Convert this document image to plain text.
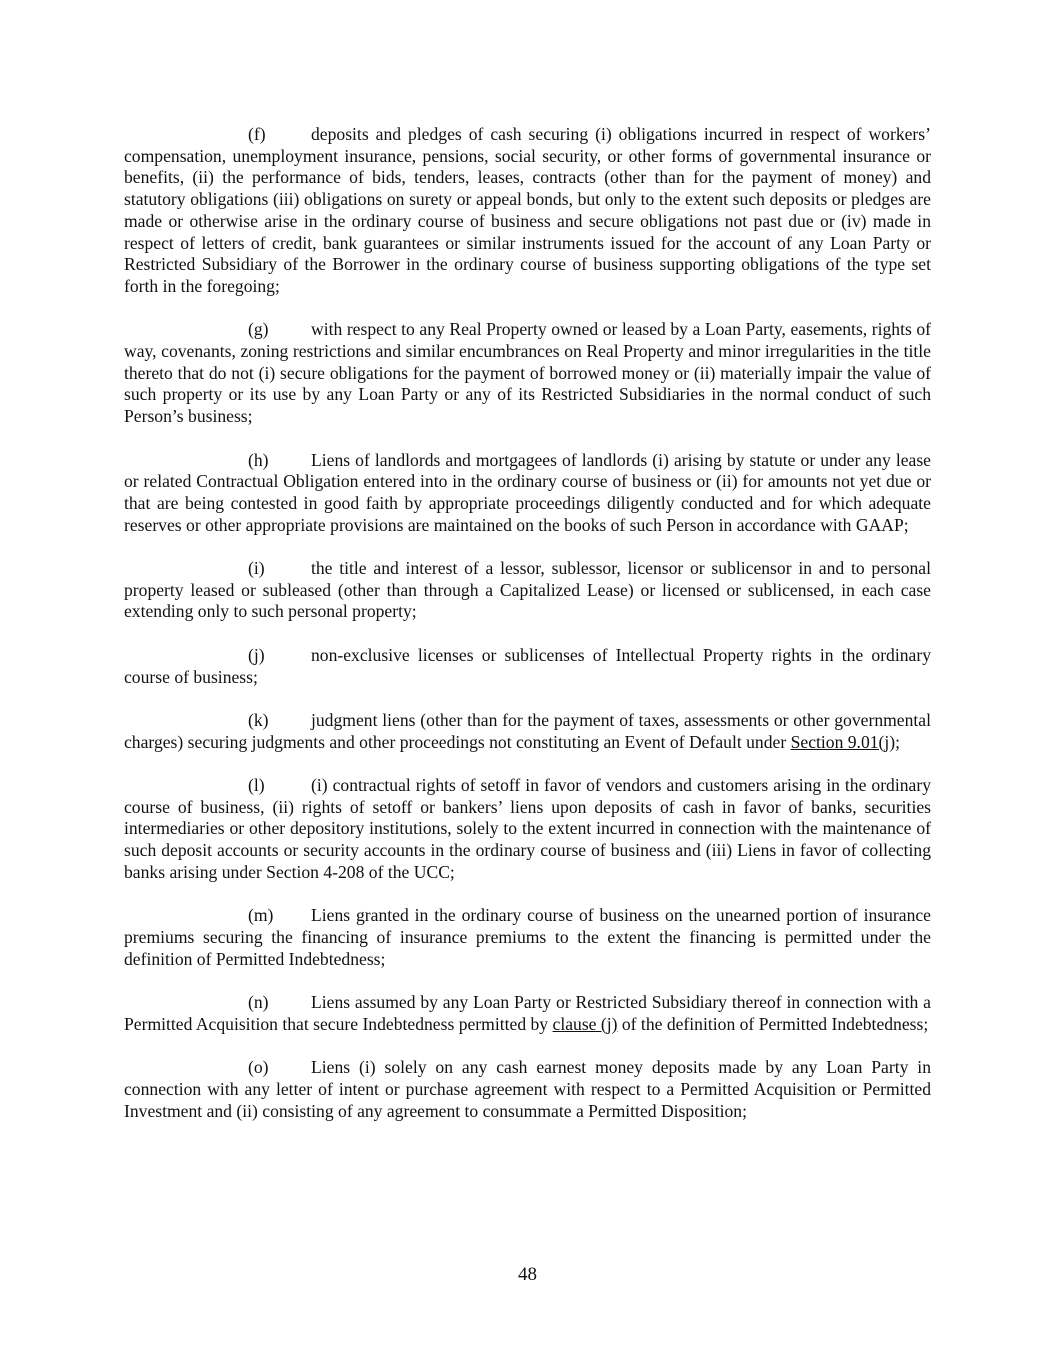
(f)	deposits and pledges of cash securing (i) obligations incurred in respect of workers’ compensation, unemployment insurance, pensions, social security, or other forms of governmental insurance or benefits, (ii) the performance of bids, tenders, leases, contracts (other than for the payment of money) and statutory obligations (iii) obligations on surety or appeal bonds, but only to the extent such deposits or pledges are made or otherwise arise in the ordinary course of business and secure obligations not past due or (iv) made in respect of letters of credit, bank guarantees or similar instruments issued for the account of any Loan Party or Restricted Subsidiary of the Borrower in the ordinary course of business supporting obligations of the type set forth in the foregoing;

(g) with respect to any Real Property owned or leased by a Loan Party, easements, rights of way, covenants, zoning restrictions and similar encumbrances on Real Property and minor irregularities in the title thereto that do not (i) secure obligations for the payment of borrowed money or (ii) materially impair the value of such property or its use by any Loan Party or any of its Restricted Subsidiaries in the normal conduct of such Person’s business;

(h) Liens of landlords and mortgagees of landlords (i) arising by statute or under any lease or related Contractual Obligation entered into in the ordinary course of business or (ii) for amounts not yet due or that are being contested in good faith by appropriate proceedings diligently conducted and for which adequate reserves or other appropriate provisions are maintained on the books of such Person in accordance with GAAP;

(i)	the title and interest of a lessor, sublessor, licensor or sublicensor in and to personal property leased or subleased (other than through a Capitalized Lease) or licensed or sublicensed, in each case extending only to such personal property;

(j)	non-exclusive licenses or sublicenses of Intellectual Property rights in the ordinary course of business;

(k) judgment liens (other than for the payment of taxes, assessments or other governmental charges) securing judgments and other proceedings not constituting an Event of Default under Section 9.01(j);

(l)	(i) contractual rights of setoff in favor of vendors and customers arising in the ordinary course of business, (ii) rights of setoff or bankers’ liens upon deposits of cash in favor of banks, securities intermediaries or other depository institutions, solely to the extent incurred in connection with the maintenance of such deposit accounts or security accounts in the ordinary course of business and (iii) Liens in favor of collecting banks arising under Section 4-208 of the UCC;

(m) Liens granted in the ordinary course of business on the unearned portion of insurance premiums securing the financing of insurance premiums to the extent the financing is permitted under the definition of Permitted Indebtedness;

(n) Liens assumed by any Loan Party or Restricted Subsidiary thereof in connection with a Permitted Acquisition that secure Indebtedness permitted by clause (j) of the definition of Permitted Indebtedness;

(o) Liens (i) solely on any cash earnest money deposits made by any Loan Party in connection with any letter of intent or purchase agreement with respect to a Permitted Acquisition or Permitted Investment and (ii) consisting of any agreement to consummate a Permitted Disposition;

48
